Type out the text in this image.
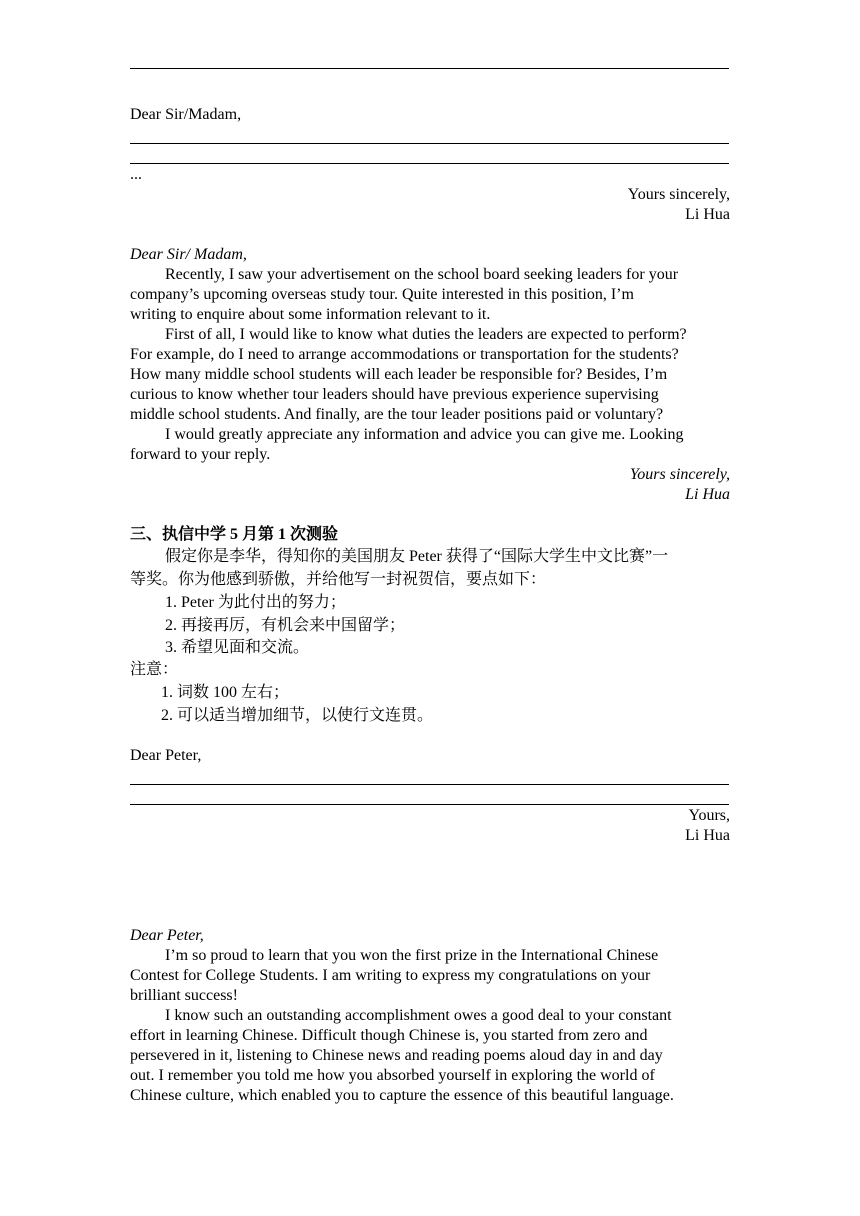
Dear Sir/Madam,
...
Yours sincerely,
Li Hua
Dear Sir/ Madam,
Recently, I saw your advertisement on the school board seeking leaders for your
company’s upcoming overseas study tour. Quite interested in this position, I’m
writing to enquire about some information relevant to it.
First of all, I would like to know what duties the leaders are expected to perform?
For example, do I need to arrange accommodations or transportation for the students?
How many middle school students will each leader be responsible for? Besides, I’m
curious to know whether tour leaders should have previous experience supervising
middle school students. And finally, are the tour leader positions paid or voluntary?
I would greatly appreciate any information and advice you can give me. Looking
forward to your reply.
Yours sincerely,
Li Hua
三、执信中学 5 月第 1 次测验
假定你是李华，得知你的美国朋友 Peter 获得了“国际大学生中文比赛”一
等奖。你为他感到骄傲，并给他写一封祝贺信，要点如下：
1. Peter 为此付出的努力；
2. 再接再厉，有机会来中国留学；
3. 希望见面和交流。
注意：
1. 词数 100 左右；
2. 可以适当增加细节，以使行文连贯。
Dear Peter,
Yours,
Li Hua
Dear Peter,
I’m so proud to learn that you won the first prize in the International Chinese
Contest for College Students. I am writing to express my congratulations on your
brilliant success!
I know such an outstanding accomplishment owes a good deal to your constant
effort in learning Chinese. Difficult though Chinese is, you started from zero and
persevered in it, listening to Chinese news and reading poems aloud day in and day
out. I remember you told me how you absorbed yourself in exploring the world of
Chinese culture, which enabled you to capture the essence of this beautiful language.
